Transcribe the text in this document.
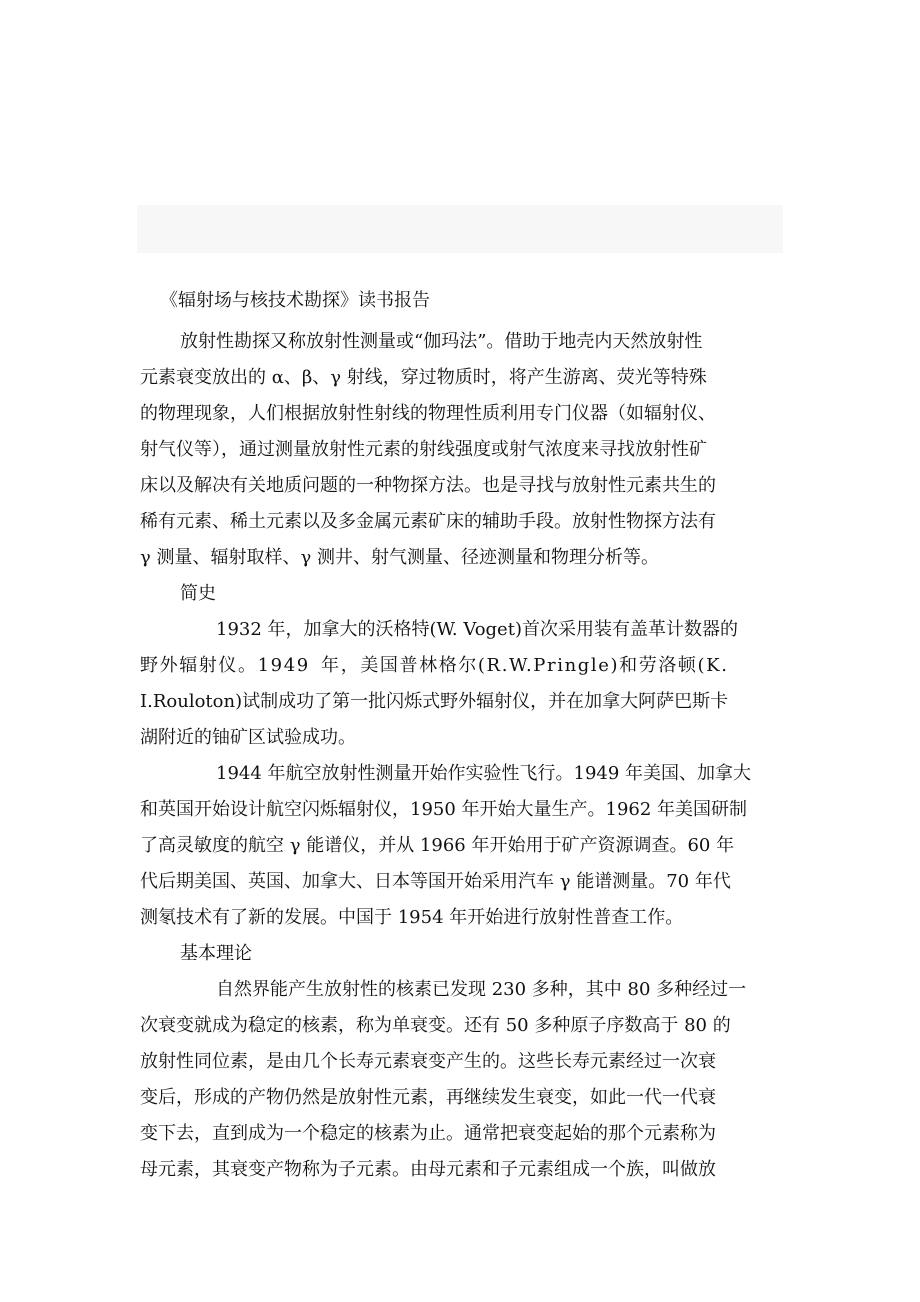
《辐射场与核技术勘探》读书报告
放射性勘探又称放射性测量或“伽玛法”。借助于地壳内天然放射性
元素衰变放出的 α、β、γ 射线，穿过物质时，将产生游离、荧光等特殊
的物理现象，人们根据放射性射线的物理性质利用专门仪器（如辐射仪、
射气仪等），通过测量放射性元素的射线强度或射气浓度来寻找放射性矿
床以及解决有关地质问题的一种物探方法。也是寻找与放射性元素共生的
稀有元素、稀土元素以及多金属元素矿床的辅助手段。放射性物探方法有
γ 测量、辐射取样、γ 测井、射气测量、径迹测量和物理分析等。
简史
1932 年，加拿大的沃格特(W. Voget)首次采用装有盖革计数器的
野外辐射仪。1949 年，美国普林格尔(R.W.Pringle)和劳洛顿(K.
I.Rouloton)试制成功了第一批闪烁式野外辐射仪，并在加拿大阿萨巴斯卡
湖附近的铀矿区试验成功。
1944 年航空放射性测量开始作实验性飞行。1949 年美国、加拿大
和英国开始设计航空闪烁辐射仪，1950 年开始大量生产。1962 年美国研制
了高灵敏度的航空 γ 能谱仪，并从 1966 年开始用于矿产资源调查。60 年
代后期美国、英国、加拿大、日本等国开始采用汽车 γ 能谱测量。70 年代
测氡技术有了新的发展。中国于 1954 年开始进行放射性普查工作。
基本理论
自然界能产生放射性的核素已发现 230 多种，其中 80 多种经过一
次衰变就成为稳定的核素，称为单衰变。还有 50 多种原子序数高于 80 的
放射性同位素，是由几个长寿元素衰变产生的。这些长寿元素经过一次衰
变后，形成的产物仍然是放射性元素，再继续发生衰变，如此一代一代衰
变下去，直到成为一个稳定的核素为止。通常把衰变起始的那个元素称为
母元素，其衰变产物称为子元素。由母元素和子元素组成一个族，叫做放
